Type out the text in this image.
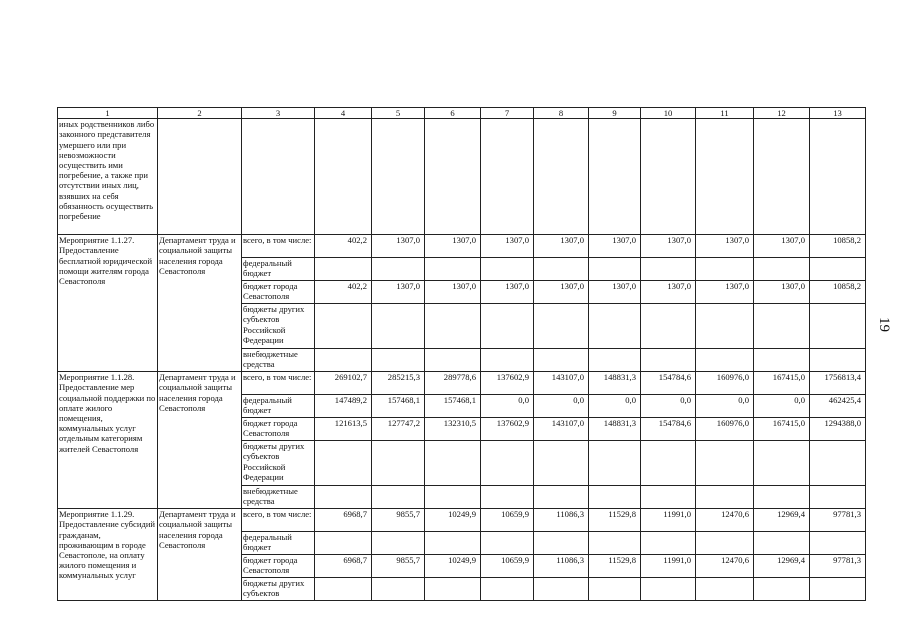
19
1	2	3	4	5	6	7	8	9	10	11	12	13
иных родственников либо законного представителя умершего или при невозможности осуществить ими погребение, а также при отсутствии иных лиц, взявших на себя обязанность осуществить погребение												
Мероприятие 1.1.27. Предоставление бесплатной юридической помощи жителям города Севастополя	Департамент труда и социальной защиты населения города Севастополя	всего, в том числе:	402,2	1307,0	1307,0	1307,0	1307,0	1307,0	1307,0	1307,0	1307,0	10858,2
		федеральный бюджет										
		бюджет города Севастополя	402,2	1307,0	1307,0	1307,0	1307,0	1307,0	1307,0	1307,0	1307,0	10858,2
		бюджеты других субъектов Российской Федерации										
		внебюджетные средства										
Мероприятие 1.1.28. Предоставление мер социальной поддержки по оплате жилого помещения, коммунальных услуг отдельным категориям жителей Севастополя	Департамент труда и социальной защиты населения города Севастополя	всего, в том числе:	269102,7	285215,3	289778,6	137602,9	143107,0	148831,3	154784,6	160976,0	167415,0	1756813,4
		федеральный бюджет	147489,2	157468,1	157468,1	0,0	0,0	0,0	0,0	0,0	0,0	462425,4
		бюджет города Севастополя	121613,5	127747,2	132310,5	137602,9	143107,0	148831,3	154784,6	160976,0	167415,0	1294388,0
		бюджеты других субъектов Российской Федерации										
		внебюджетные средства										
Мероприятие 1.1.29. Предоставление субсидий гражданам, проживающим в городе Севастополе, на оплату жилого помещения и коммунальных услуг	Департамент труда и социальной защиты населения города Севастополя	всего, в том числе:	6968,7	9855,7	10249,9	10659,9	11086,3	11529,8	11991,0	12470,6	12969,4	97781,3
		федеральный бюджет										
		бюджет города Севастополя	6968,7	9855,7	10249,9	10659,9	11086,3	11529,8	11991,0	12470,6	12969,4	97781,3
		бюджеты других субъектов										
